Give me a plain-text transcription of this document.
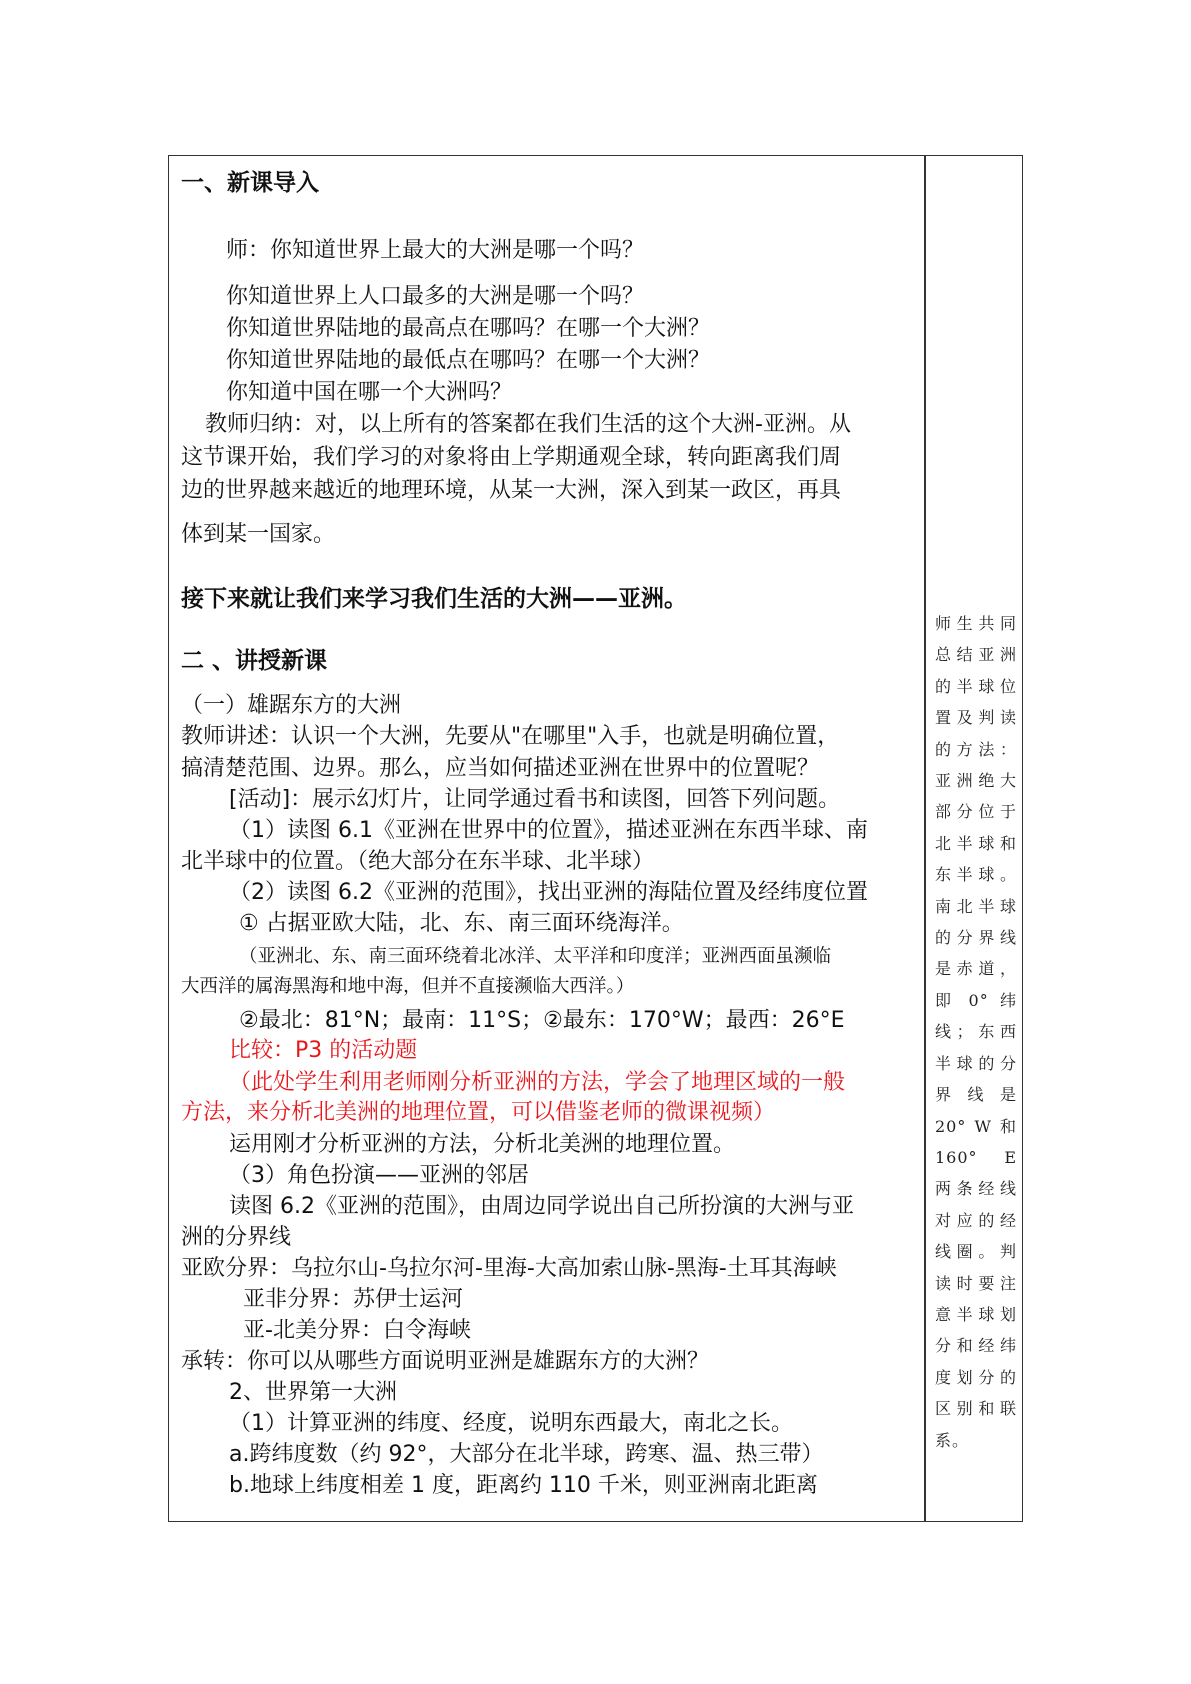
一、新课导入
师：你知道世界上最大的大洲是哪一个吗？
你知道世界上人口最多的大洲是哪一个吗？
你知道世界陆地的最高点在哪吗？在哪一个大洲？
你知道世界陆地的最低点在哪吗？在哪一个大洲？
你知道中国在哪一个大洲吗？
教师归纳：对，以上所有的答案都在我们生活的这个大洲-亚洲。从
这节课开始，我们学习的对象将由上学期通观全球，转向距离我们周
边的世界越来越近的地理环境，从某一大洲，深入到某一政区，再具
体到某一国家。
接下来就让我们来学习我们生活的大洲——亚洲。
二 、讲授新课
（一）雄踞东方的大洲
教师讲述：认识一个大洲，先要从"在哪里"入手，也就是明确位置，
搞清楚范围、边界。那么，应当如何描述亚洲在世界中的位置呢？
[活动]：展示幻灯片，让同学通过看书和读图，回答下列问题。
（1）读图 6.1《亚洲在世界中的位置》，描述亚洲在东西半球、南
北半球中的位置。（绝大部分在东半球、北半球）
（2）读图 6.2《亚洲的范围》，找出亚洲的海陆位置及经纬度位置
① 占据亚欧大陆，北、东、南三面环绕海洋。
（亚洲北、东、南三面环绕着北冰洋、太平洋和印度洋；亚洲西面虽濒临
大西洋的属海黑海和地中海，但并不直接濒临大西洋。）
②最北：81°N；最南：11°S；②最东：170°W；最西：26°E
比较：P3 的活动题
（此处学生利用老师刚分析亚洲的方法，学会了地理区域的一般
方法，来分析北美洲的地理位置，可以借鉴老师的微课视频）
运用刚才分析亚洲的方法，分析北美洲的地理位置。
（3）角色扮演——亚洲的邻居
读图 6.2《亚洲的范围》，由周边同学说出自己所扮演的大洲与亚
洲的分界线
亚欧分界：乌拉尔山-乌拉尔河-里海-大高加索山脉-黑海-土耳其海峡
亚非分界：苏伊士运河
亚-北美分界：白令海峡
承转：你可以从哪些方面说明亚洲是雄踞东方的大洲？
2、世界第一大洲
（1）计算亚洲的纬度、经度，说明东西最大，南北之长。
a.跨纬度数（约 92°，大部分在北半球，跨寒、温、热三带）
b.地球上纬度相差 1 度，距离约 110 千米，则亚洲南北距离

师生共同总结亚洲的半球位置及判读的方法：亚洲绝大部分位于北半球和东半球。南北半球的分界线是赤道，即 0° 纬线；东西半球的分界线是 20° W 和 160° E 两条经线对应的经线圈。判读时要注意半球划分和经纬度划分的区别和联系。
